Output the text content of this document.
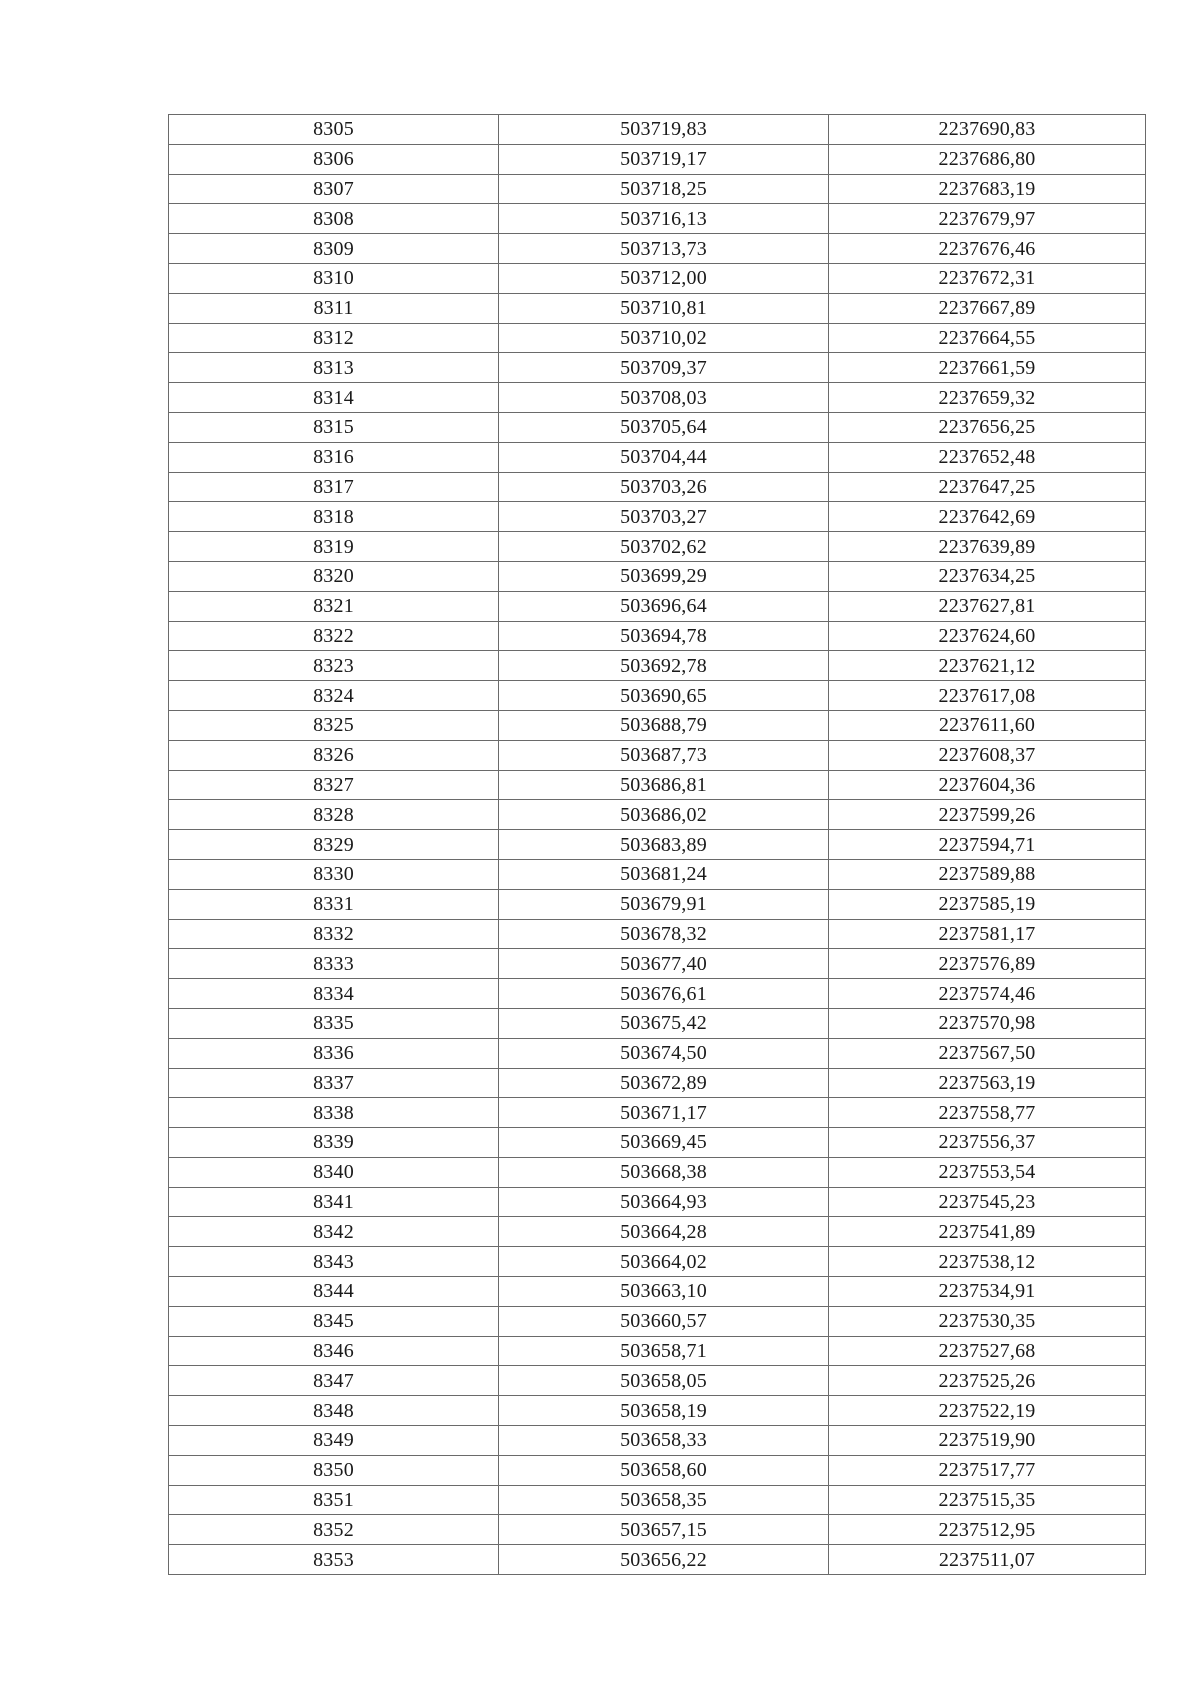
8305	503719,83	2237690,83
8306	503719,17	2237686,80
8307	503718,25	2237683,19
8308	503716,13	2237679,97
8309	503713,73	2237676,46
8310	503712,00	2237672,31
8311	503710,81	2237667,89
8312	503710,02	2237664,55
8313	503709,37	2237661,59
8314	503708,03	2237659,32
8315	503705,64	2237656,25
8316	503704,44	2237652,48
8317	503703,26	2237647,25
8318	503703,27	2237642,69
8319	503702,62	2237639,89
8320	503699,29	2237634,25
8321	503696,64	2237627,81
8322	503694,78	2237624,60
8323	503692,78	2237621,12
8324	503690,65	2237617,08
8325	503688,79	2237611,60
8326	503687,73	2237608,37
8327	503686,81	2237604,36
8328	503686,02	2237599,26
8329	503683,89	2237594,71
8330	503681,24	2237589,88
8331	503679,91	2237585,19
8332	503678,32	2237581,17
8333	503677,40	2237576,89
8334	503676,61	2237574,46
8335	503675,42	2237570,98
8336	503674,50	2237567,50
8337	503672,89	2237563,19
8338	503671,17	2237558,77
8339	503669,45	2237556,37
8340	503668,38	2237553,54
8341	503664,93	2237545,23
8342	503664,28	2237541,89
8343	503664,02	2237538,12
8344	503663,10	2237534,91
8345	503660,57	2237530,35
8346	503658,71	2237527,68
8347	503658,05	2237525,26
8348	503658,19	2237522,19
8349	503658,33	2237519,90
8350	503658,60	2237517,77
8351	503658,35	2237515,35
8352	503657,15	2237512,95
8353	503656,22	2237511,07
